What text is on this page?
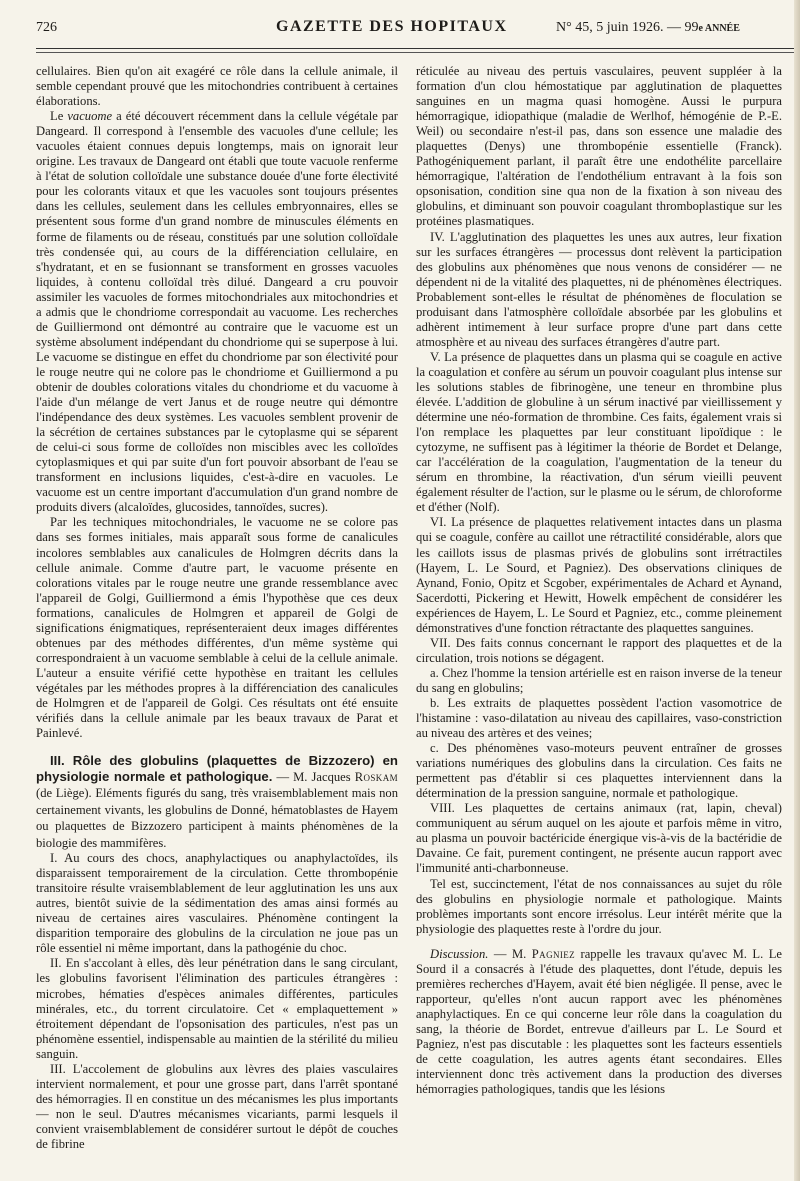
726	GAZETTE DES HOPITAUX	N° 45, 5 juin 1926. — 99e ANNÉE

cellulaires. Bien qu'on ait exagéré ce rôle dans la cellule animale, il semble cependant prouvé que les mitochondries contribuent à certaines élaborations.

Le vacuome a été découvert récemment dans la cellule végétale par Dangeard. Il correspond à l'ensemble des vacuoles d'une cellule; les vacuoles étaient connues depuis longtemps, mais on ignorait leur origine. Les travaux de Dangeard ont établi que toute vacuole renferme à l'état de solution colloïdale une substance douée d'une forte électivité pour les colorants vitaux et que les vacuoles sont toujours présentes dans les cellules, seulement dans les cellules embryonnaires, elles se présentent sous forme d'un grand nombre de minuscules éléments en forme de filaments ou de réseau, constitués par une solution colloïdale très condensée qui, au cours de la différenciation cellulaire, en s'hydratant, et en se fusionnant se transforment en grosses vacuoles liquides, à contenu colloïdal très dilué. Dangeard a cru pouvoir assimiler les vacuoles de formes mitochondriales aux mitochondries et a admis que le chondriome correspondait au vacuome. Les recherches de Guilliermond ont démontré au contraire que le vacuome est un système absolument indépendant du chondriome qui se superpose à lui. Le vacuome se distingue en effet du chondriome par son électivité pour le rouge neutre qui ne colore pas le chondriome et Guilliermond a pu obtenir de doubles colorations vitales du chondriome et du vacuome à l'aide d'un mélange de vert Janus et de rouge neutre qui démontre l'indépendance des deux systèmes. Les vacuoles semblent provenir de la sécrétion de certaines substances par le cytoplasme qui se séparent de celui-ci sous forme de colloïdes non miscibles avec les colloïdes cytoplasmiques et qui par suite d'un fort pouvoir absorbant de l'eau se transforment en inclusions liquides, c'est-à-dire en vacuoles. Le vacuome est un centre important d'accumulation d'un grand nombre de produits divers (alcaloïdes, glucosides, tannoïdes, sucres).

Par les techniques mitochondriales, le vacuome ne se colore pas dans ses formes initiales, mais apparaît sous forme de canalicules incolores semblables aux canalicules de Holmgren décrits dans la cellule animale. Comme d'autre part, le vacuome présente en colorations vitales par le rouge neutre une grande ressemblance avec l'appareil de Golgi, Guilliermond a émis l'hypothèse que ces deux formations, canalicules de Holmgren et appareil de Golgi de significations énigmatiques, représenteraient deux images différentes obtenues par des méthodes différentes, d'un même système qui correspondraient à un vacuome semblable à celui de la cellule animale. L'auteur a ensuite vérifié cette hypothèse en traitant les cellules végétales par les méthodes propres à la différenciation des canalicules de Holmgren et de l'appareil de Golgi. Ces résultats ont été ensuite vérifiés dans la cellule animale par les beaux travaux de Parat et Painlevé.

III. Rôle des globulins (plaquettes de Bizzozero) en physiologie normale et pathologique. — M. Jacques Roskam (de Liège). Eléments figurés du sang, très vraisemblablement mais non certainement vivants, les globulins de Donné, hématoblastes de Hayem ou plaquettes de Bizzozero participent à maints phénomènes de la biologie des mammifères.

I. Au cours des chocs, anaphylactiques ou anaphylactoïdes, ils disparaissent temporairement de la circulation. Cette thrombopénie transitoire résulte vraisemblablement de leur agglutination les uns aux autres, bientôt suivie de la sédimentation des amas ainsi formés au niveau de certaines aires vasculaires. Phénomène contingent la disparition temporaire des globulins de la circulation ne joue pas un rôle essentiel ni même important, dans la pathogénie du choc.

II. En s'accolant à elles, dès leur pénétration dans le sang circulant, les globulins favorisent l'élimination des particules étrangères : microbes, hématies d'espèces animales différentes, particules minérales, etc., du torrent circulatoire. Cet « emplaquettement » étroitement dépendant de l'opsonisation des particules, n'est pas un phénomène essentiel, indispensable au maintien de la stérilité du milieu sanguin.

III. L'accolement de globulins aux lèvres des plaies vasculaires intervient normalement, et pour une grosse part, dans l'arrêt spontané des hémorragies. Il en constitue un des mécanismes les plus importants — non le seul. D'autres mécanismes vicariants, parmi lesquels il convient vraisemblablement de considérer surtout le dépôt de couches de fibrine

réticulée au niveau des pertuis vasculaires, peuvent suppléer à la formation d'un clou hémostatique par agglutination de plaquettes sanguines en un magma quasi homogène. Aussi le purpura hémorragique, idiopathique (maladie de Werlhof, hémogénie de P.-E. Weil) ou secondaire n'est-il pas, dans son essence une maladie des plaquettes (Denys) une thrombopénie essentielle (Franck). Pathogéniquement parlant, il paraît être une endothélite parcellaire hémorragique, l'altération de l'endothélium entravant à la fois son opsonisation, condition sine qua non de la fixation à son niveau des globulins, et diminuant son pouvoir coagulant thromboplastique sur les protéines plasmatiques.

IV. L'agglutination des plaquettes les unes aux autres, leur fixation sur les surfaces étrangères — processus dont relèvent la participation des globulins aux phénomènes que nous venons de considérer — ne dépendent ni de la vitalité des plaquettes, ni de phénomènes électriques. Probablement sont-elles le résultat de phénomènes de floculation se produisant dans l'atmosphère colloïdale absorbée par les globulins et adhèrent intimement à leur surface propre d'une part dans cette atmosphère et au niveau des surfaces étrangères d'autre part.

V. La présence de plaquettes dans un plasma qui se coagule en active la coagulation et confère au sérum un pouvoir coagulant plus intense sur les solutions stables de fibrinogène, une teneur en thrombine plus élevée. L'addition de globuline à un sérum inactivé par vieillissement y détermine une néo-formation de thrombine. Ces faits, également vrais si l'on remplace les plaquettes par leur constituant lipoïdique : le cytozyme, ne suffisent pas à légitimer la théorie de Bordet et Delange, car l'accélération de la coagulation, l'augmentation de la teneur du sérum en thrombine, la réactivation, d'un sérum vieilli peuvent également résulter de l'action, sur le plasme ou le sérum, de chloroforme et d'éther (Nolf).

VI. La présence de plaquettes relativement intactes dans un plasma qui se coagule, confère au caillot une rétractilité considérable, alors que les caillots issus de plasmas privés de globulins sont irrétractiles (Hayem, L. Le Sourd, et Pagniez). Des observations cliniques de Aynand, Fonio, Opitz et Scgober, expérimentales de Achard et Aynand, Sacerdotti, Pickering et Hewitt, Howelk empêchent de considérer les expériences de Hayem, L. Le Sourd et Pagniez, etc., comme pleinement démonstratives d'une fonction rétractante des plaquettes sanguines.

VII. Des faits connus concernant le rapport des plaquettes et de la circulation, trois notions se dégagent.

a. Chez l'homme la tension artérielle est en raison inverse de la teneur du sang en globulins;

b. Les extraits de plaquettes possèdent l'action vasomotrice de l'histamine : vaso-dilatation au niveau des capillaires, vaso-constriction au niveau des artères et des veines;

c. Des phénomènes vaso-moteurs peuvent entraîner de grosses variations numériques des globulins dans la circulation. Ces faits ne permettent pas d'établir si ces plaquettes interviennent dans la détermination de la pression sanguine, normale et pathologique.

VIII. Les plaquettes de certains animaux (rat, lapin, cheval) communiquent au sérum auquel on les ajoute et parfois même in vitro, au plasma un pouvoir bactéricide énergique vis-à-vis de la bactéridie de Davaine. Ce fait, purement contingent, ne présente aucun rapport avec l'immunité anti-charbonneuse.

Tel est, succinctement, l'état de nos connaissances au sujet du rôle des globulins en physiologie normale et pathologique. Maints problèmes importants sont encore irrésolus. Leur intérêt mérite que la physiologie des plaquettes reste à l'ordre du jour.

Discussion. — M. Pagniez rappelle les travaux qu'avec M. L. Le Sourd il a consacrés à l'étude des plaquettes, dont l'étude, depuis les premières recherches d'Hayem, avait été bien négligée. Il pense, avec le rapporteur, qu'elles n'ont aucun rapport avec les phénomènes anaphylactiques. En ce qui concerne leur rôle dans la coagulation du sang, la théorie de Bordet, entrevue d'ailleurs par L. Le Sourd et Pagniez, n'est pas discutable : les plaquettes sont les facteurs essentiels de cette coagulation, les autres agents étant secondaires. Elles interviennent donc très activement dans la production des diverses hémorragies pathologiques, tandis que les lésions
